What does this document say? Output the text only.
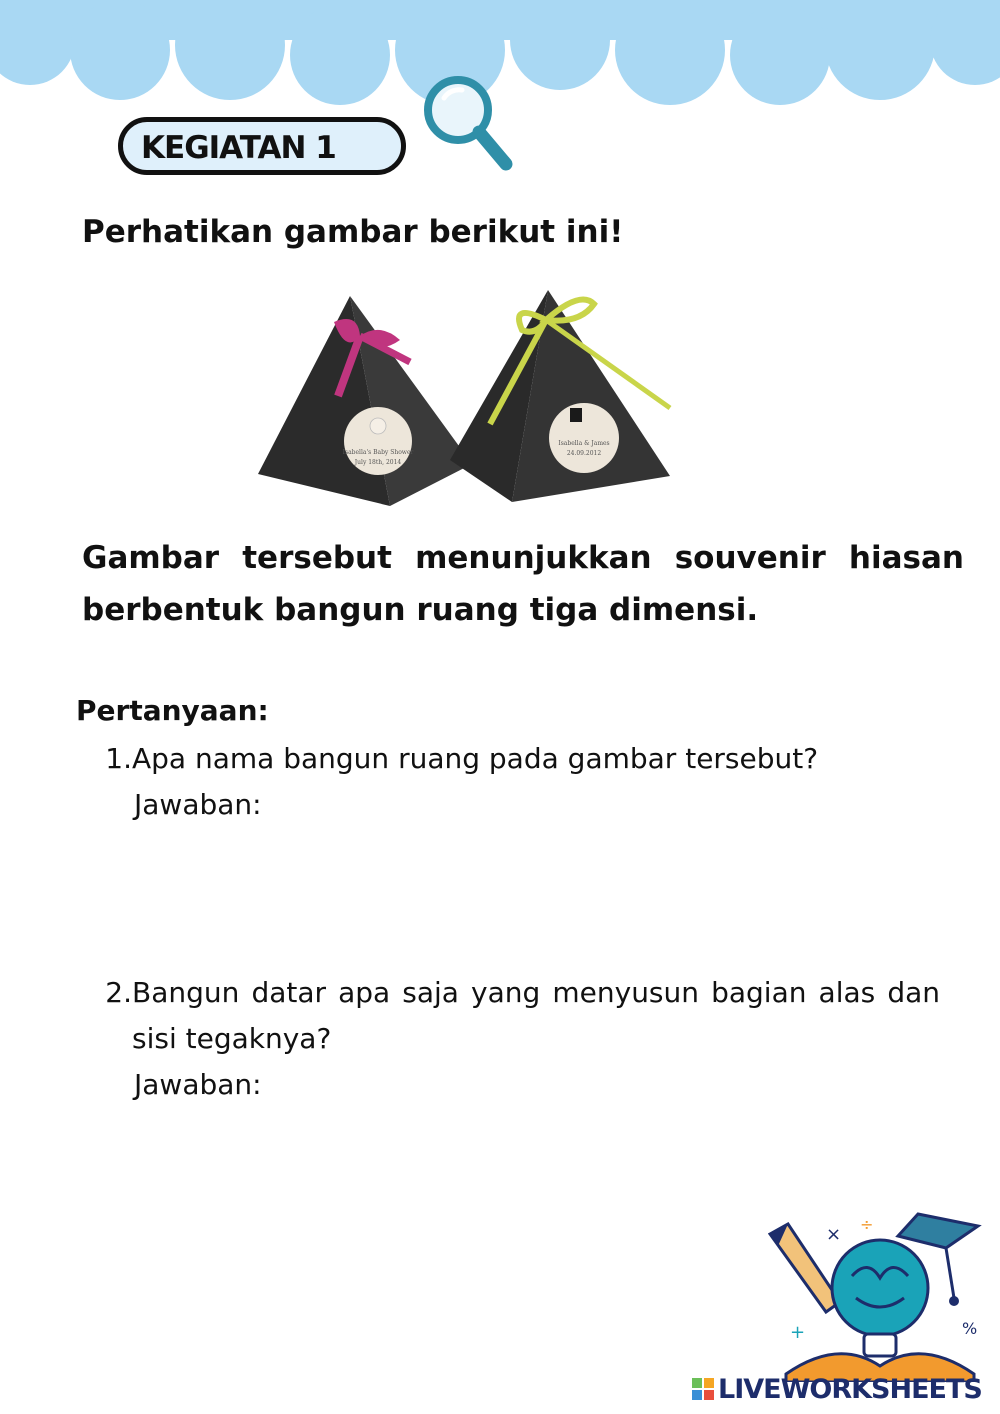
KEGIATAN 1
Perhatikan gambar berikut ini!
Isabella's Baby Shower
July 18th, 2014
Isabella & James
24.09.2012
Gambar tersebut menunjukkan souvenir hiasan berbentuk bangun ruang tiga dimensi.
Pertanyaan:
1. Apa nama bangun ruang pada gambar tersebut?
Jawaban:
2. Bangun datar apa saja yang menyusun bagian alas dan sisi tegaknya?
Jawaban:
× ÷
+	%
LIVEWORKSHEETS
